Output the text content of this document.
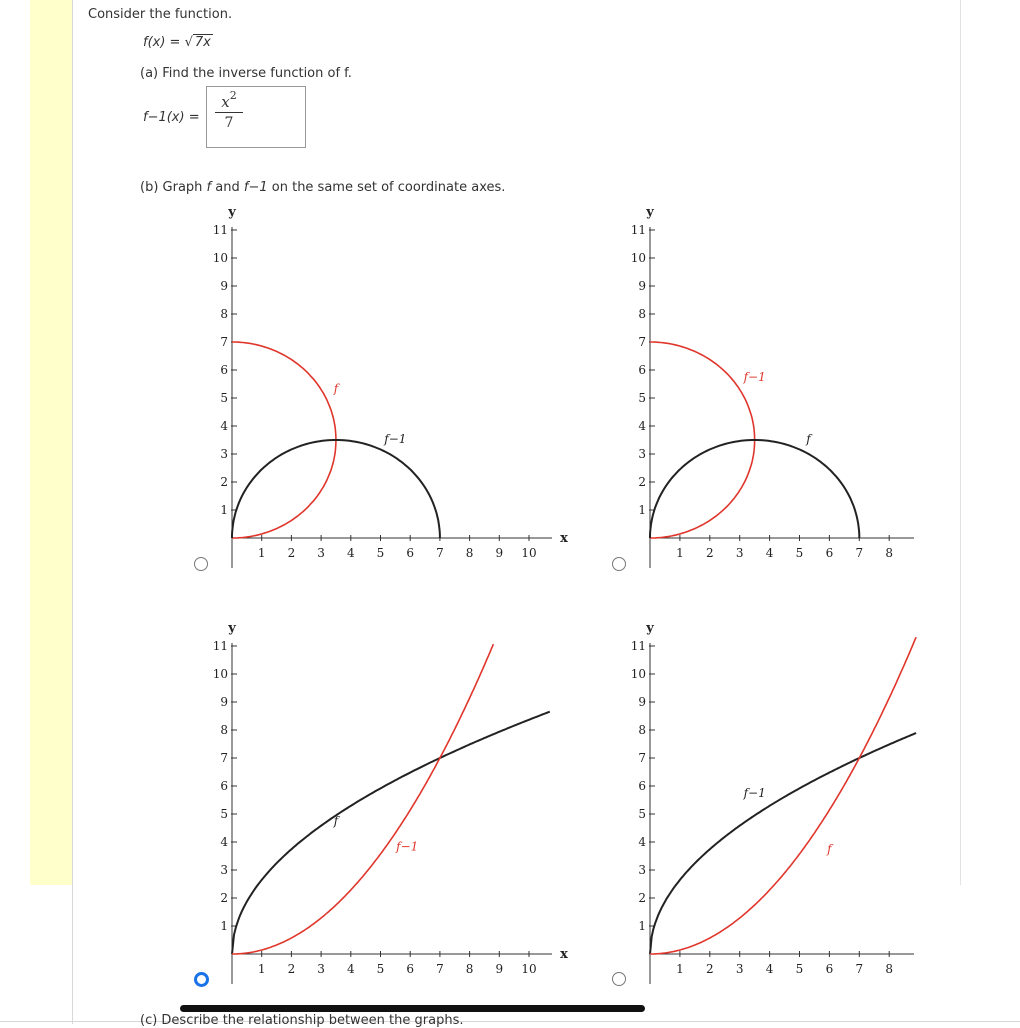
Consider the function.
f(x) = √ 7x
(a) Find the inverse function of f.
f−1(x) =
$x^2$
7
(b) Graph f and f−1 on the same set of coordinate axes.
1 2 3 4 5 6 7 8 9 10
1
2
3
4
5
6
7
8
9
10
11
y
x
f
f−1
1 2 3 4 5 6 7 8
1
2
3
4
5
6
7
8
9
10
11
y
f−1
f
1 2 3 4 5 6 7 8 9 10
1
2
3
4
5
6
7
8
9
10
11
y
x
f
f−1
1 2 3 4 5 6 7 8
1
2
3
4
5
6
7
8
9
10
11
y
f−1
f
(c) Describe the relationship between the graphs.
